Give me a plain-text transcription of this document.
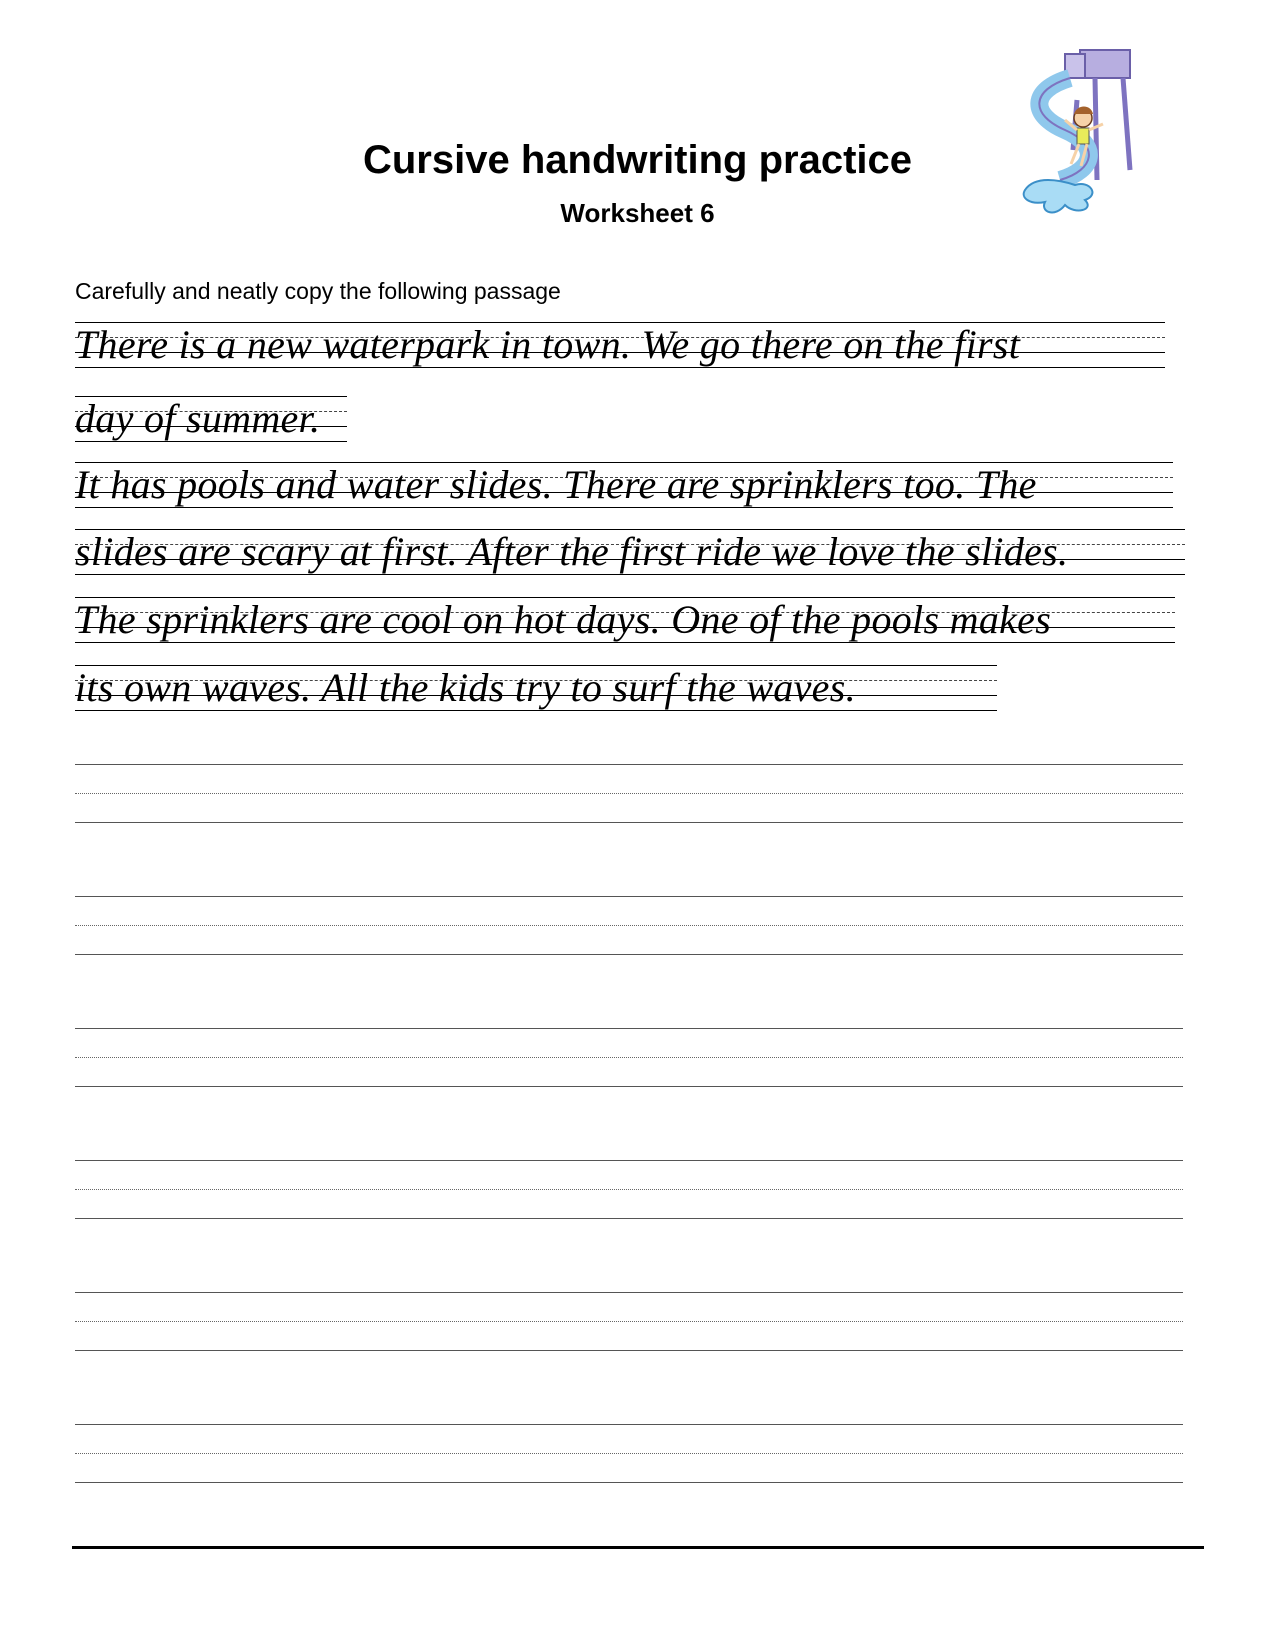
Cursive handwriting practice
Worksheet 6
Carefully and neatly copy the following passage
There is a new waterpark in town. We go there on the first
day of summer.
It has pools and water slides. There are sprinklers too. The
slides are scary at first. After the first ride we love the slides.
The sprinklers are cool on hot days. One of the pools makes
its own waves. All the kids try to surf the waves.
